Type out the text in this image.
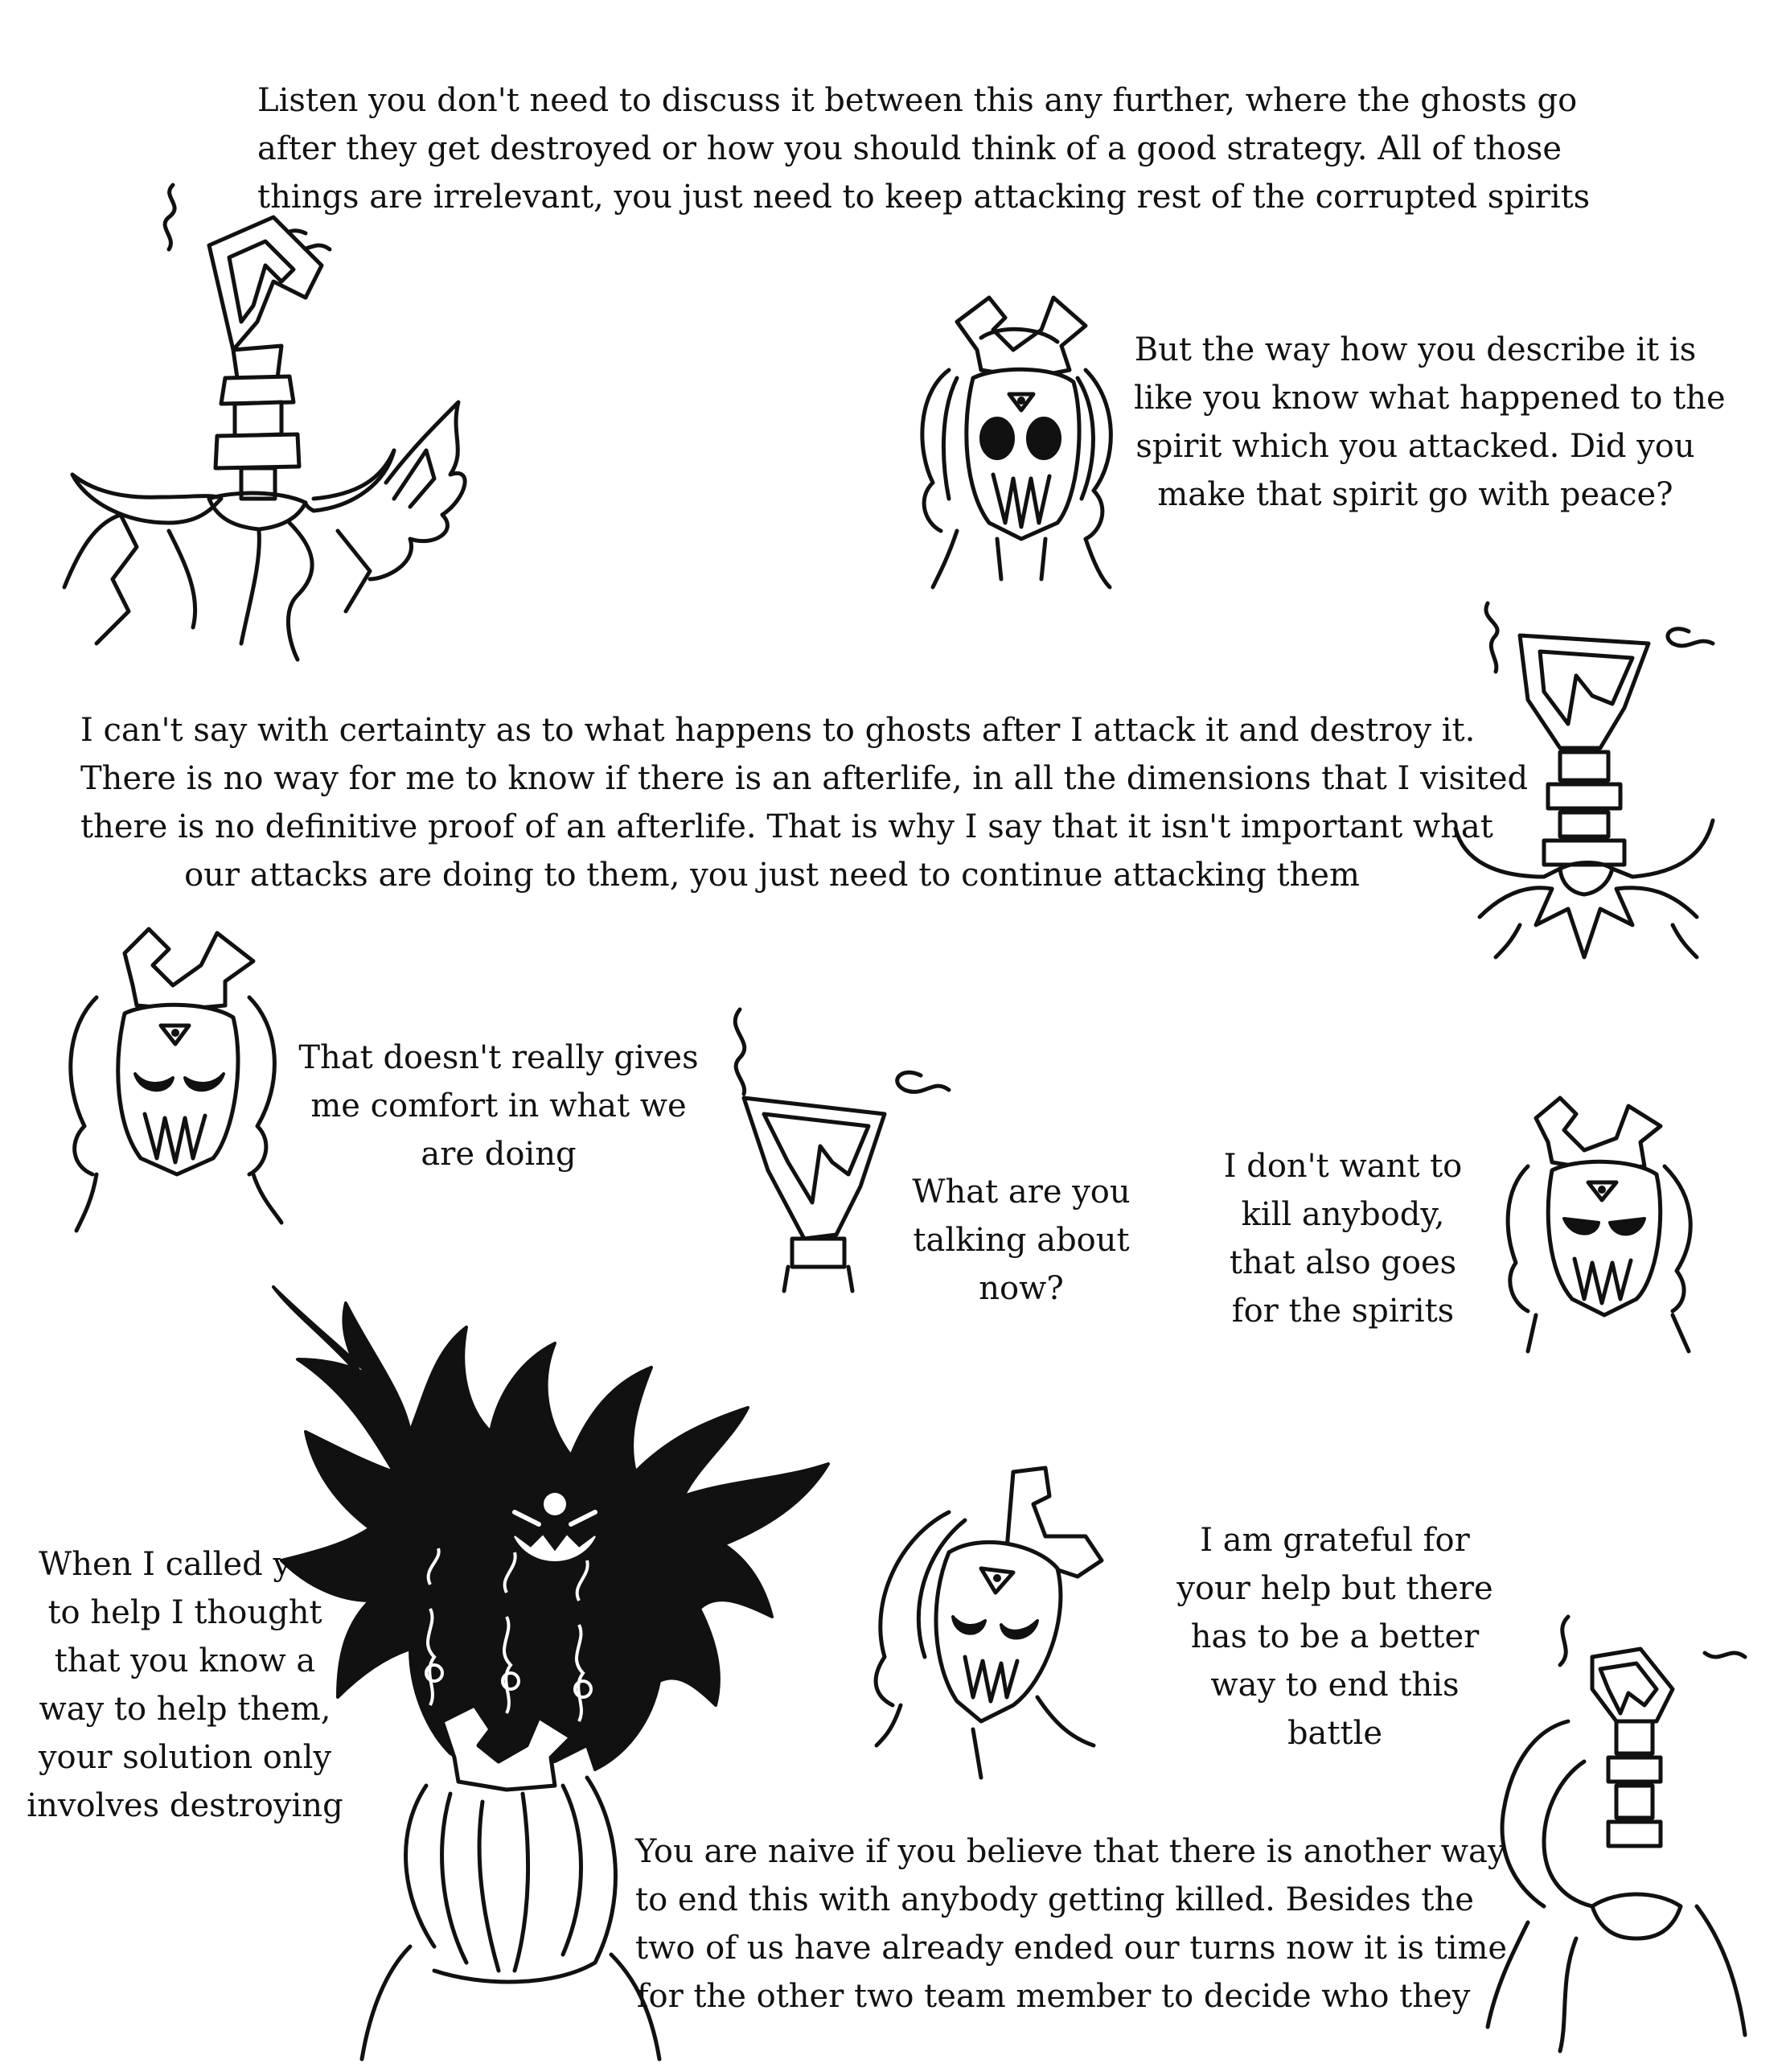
Listen you don't need to discuss it between this any further, where the ghosts go
after they get destroyed or how you should think of a good strategy. All of those
things are irrelevant, you just need to keep attacking rest of the corrupted spirits
But the way how you describe it is
like you know what happened to the
spirit which you attacked. Did you
make that spirit go with peace?
I can't say with certainty as to what happens to ghosts after I attack it and destroy it.
There is no way for me to know if there is an afterlife, in all the dimensions that I visited
there is no definitive proof of an afterlife. That is why I say that it isn't important what
our attacks are doing to them, you just need to continue attacking them
That doesn't really gives
me comfort in what we
are doing
What are you
talking about
now?
I don't want to
kill anybody,
that also goes
for the spirits
When I called you
to help I thought
that you know a
way to help them,
your solution only
involves destroying
I am grateful for
your help but there
has to be a better
way to end this
battle
You are naive if you believe that there is another way
to end this with anybody getting killed. Besides the
two of us have already ended our turns now it is time
for the other two team member to decide who they
